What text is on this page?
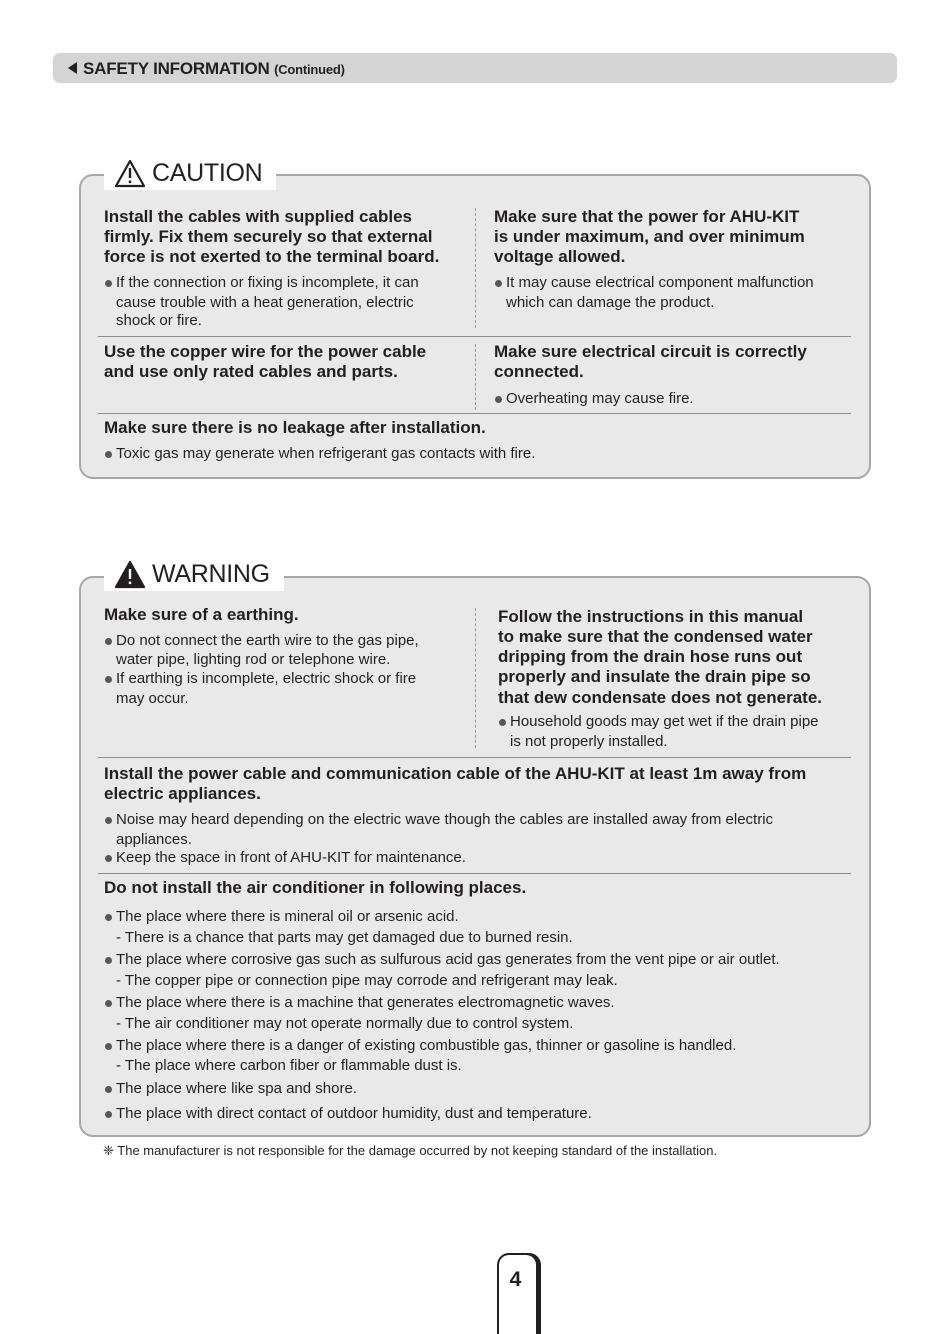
SAFETY INFORMATION (Continued)
CAUTION
Install the cables with supplied cables
firmly. Fix them securely so that external
force is not exerted to the terminal board.
If the connection or fixing is incomplete, it can
cause trouble with a heat generation, electric
shock or fire.
Make sure that the power for AHU-KIT
is under maximum, and over minimum
voltage allowed.
It may cause electrical component malfunction
which can damage the product.
Use the copper wire for the power cable
and use only rated cables and parts.
Make sure electrical circuit is correctly
connected.
Overheating may cause fire.
Make sure there is no leakage after installation.
Toxic gas may generate when refrigerant gas contacts with fire.
WARNING
Make sure of a earthing.
Do not connect the earth wire to the gas pipe,
water pipe, lighting rod or telephone wire.
If earthing is incomplete, electric shock or fire
may occur.
Follow the instructions in this manual
to make sure that the condensed water
dripping from the drain hose runs out
properly and insulate the drain pipe so
that dew condensate does not generate.
Household goods may get wet if the drain pipe
is not properly installed.
Install the power cable and communication cable of the AHU-KIT at least 1m away from
electric appliances.
Noise may heard depending on the electric wave though the cables are installed away from electric
appliances.
Keep the space in front of AHU-KIT for maintenance.
Do not install the air conditioner in following places.
The place where there is mineral oil or arsenic acid.
- There is a chance that parts may get damaged due to burned resin.
The place where corrosive gas such as sulfurous acid gas generates from the vent pipe or air outlet.
- The copper pipe or connection pipe may corrode and refrigerant may leak.
The place where there is a machine that generates electromagnetic waves.
- The air conditioner may not operate normally due to control system.
The place where there is a danger of existing combustible gas, thinner or gasoline is handled.
- The place where carbon fiber or flammable dust is.
The place where like spa and shore.
The place with direct contact of outdoor humidity, dust and temperature.
❈ The manufacturer is not responsible for the damage occurred by not keeping standard of the installation.
4
